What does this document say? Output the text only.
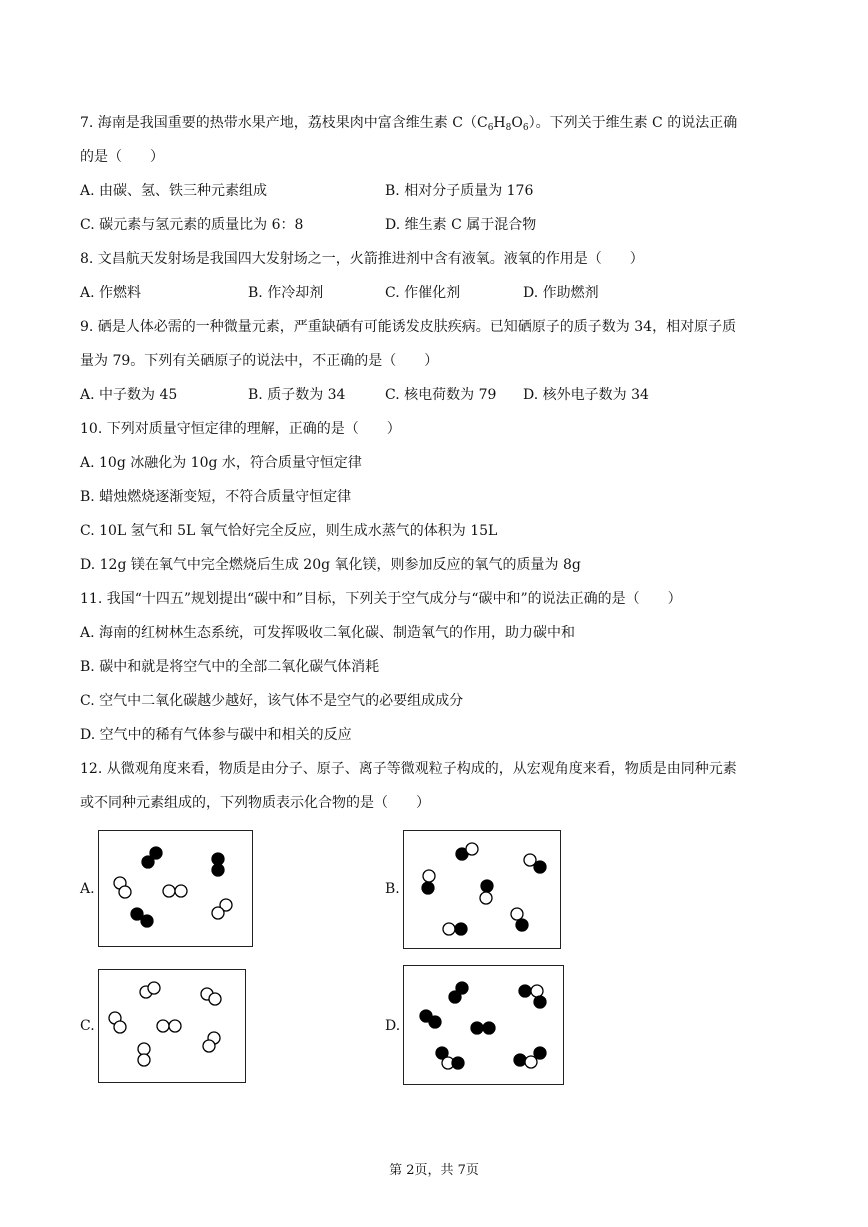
7. 海南是我国重要的热带水果产地，荔枝果肉中富含维生素 $C(C_6H_8O_6)$。下列关于维生素 C 的说法正确
的是（　　）
A. 由碳、氢、铁三种元素组成	B. 相对分子质量为 176
C. 碳元素与氢元素的质量比为 6：8	D. 维生素 C 属于混合物
8. 文昌航天发射场是我国四大发射场之一，火箭推进剂中含有液氧。液氧的作用是（　　）
A. 作燃料	B. 作冷却剂	C. 作催化剂	D. 作助燃剂
9. 硒是人体必需的一种微量元素，严重缺硒有可能诱发皮肤疾病。已知硒原子的质子数为 34，相对原子质
量为 79。下列有关硒原子的说法中，不正确的是（　　）
A. 中子数为 45	B. 质子数为 34	C. 核电荷数为 79 D. 核外电子数为 34
10. 下列对质量守恒定律的理解，正确的是（　　）
A. 10g 冰融化为 10g 水，符合质量守恒定律
B. 蜡烛燃烧逐渐变短，不符合质量守恒定律
C. 10L 氢气和 5L 氧气恰好完全反应，则生成水蒸气的体积为 15L
D. 12g 镁在氧气中完全燃烧后生成 20g 氧化镁，则参加反应的氧气的质量为 8g
11. 我国“十四五”规划提出“碳中和”目标，下列关于空气成分与“碳中和”的说法正确的是（　　）
A. 海南的红树林生态系统，可发挥吸收二氧化碳、制造氧气的作用，助力碳中和
B. 碳中和就是将空气中的全部二氧化碳气体消耗
C. 空气中二氧化碳越少越好，该气体不是空气的必要组成成分
D. 空气中的稀有气体参与碳中和相关的反应
12. 从微观角度来看，物质是由分子、原子、离子等微观粒子构成的，从宏观角度来看，物质是由同种元素
或不同种元素组成的，下列物质表示化合物的是（　　）
A.	B.
C.	D.
第 2页，共 7页
